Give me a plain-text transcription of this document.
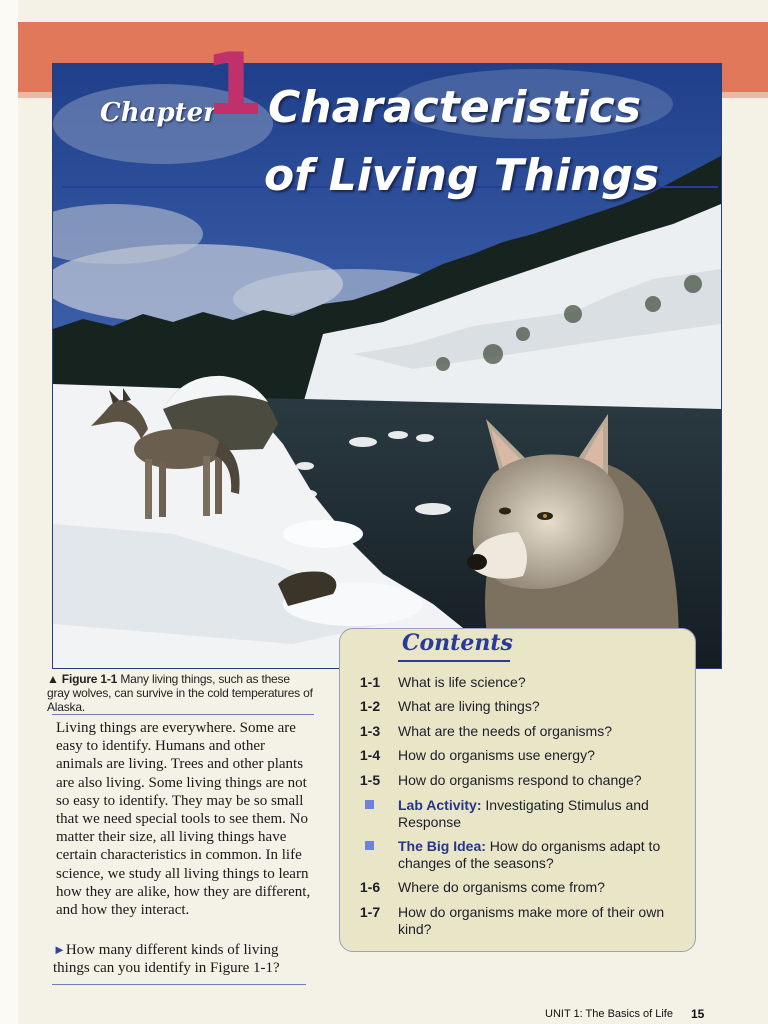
Chapter
1 Characteristics
of Living Things
Contents
1-1	What is life science?
1-2	What are living things?
1-3	What are the needs of organisms?
1-4	How do organisms use energy?
1-5	How do organisms respond to change?
Lab Activity: Investigating Stimulus and Response
The Big Idea: How do organisms adapt to changes of the seasons?
1-6	Where do organisms come from?
1-7	How do organisms make more of their own kind?
▲ Figure 1-1 Many living things, such as these gray wolves, can survive in the cold temperatures of Alaska.
Living things are everywhere. Some are easy to identify. Humans and other animals are living. Trees and other plants are also living. Some living things are not so easy to identify. They may be so small that we need special tools to see them. No matter their size, all living things have certain characteristics in common. In life science, we study all living things to learn how they are alike, how they are different, and how they interact.
►How many different kinds of living things can you identify in Figure 1-1?
UNIT 1: The Basics of Life 15
